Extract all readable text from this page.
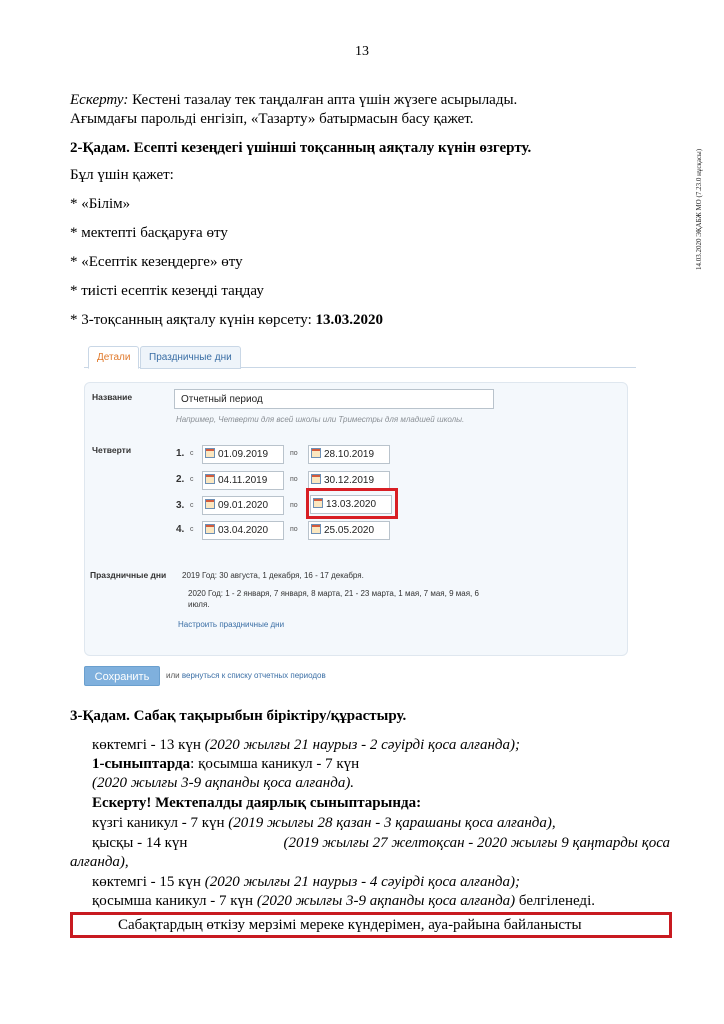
13
14.03.2020 ЭҚАБЖ МО (7.23.0 нұсқасы)
Ескерту: Кестені тазалау тек таңдалған апта үшін жүзеге асырылады.
Ағымдағы парольді енгізіп, «Тазарту» батырмасын басу қажет.
2-Қадам. Есепті кезеңдегі үшінші тоқсанның аяқталу күнін өзгерту.
Бұл үшін қажет:
* «Білім»
* мектепті басқаруға өту
* «Есептік кезеңдерге» өту
* тиісті есептік кезеңді таңдау
* 3-тоқсанның аяқталу күнін көрсету: 13.03.2020
Детали	Праздничные дни
Название	Отчетный период
Например, Четверти для всей школы или Триместры для младшей школы.
Четверти	1. с	01.09.2019	по	28.10.2019
2. с	04.11.2019	по	30.12.2019
3. с	09.01.2020	по	13.03.2020
4. с	03.04.2020	по	25.05.2020
Праздничные дни 2019 Год: 30 августа, 1 декабря, 16 - 17 декабря.
2020 Год: 1 - 2 января, 7 января, 8 марта, 21 - 23 марта, 1 мая, 7 мая, 9 мая, 6
июля.
Настроить праздничные дни
Сохранить	или вернуться к списку отчетных периодов
3-Қадам. Сабақ тақырыбын біріктіру/құрастыру.
көктемгі - 13 күн (2020 жылғы 21 наурыз - 2 сәуірді қоса алғанда);
1-сыныптарда: қосымша каникул - 7 күн
(2020 жылғы 3-9 ақпанды қоса алғанда).
Ескерту! Мектепалды даярлық сыныптарында:
күзгі каникул - 7 күн (2019 жылғы 28 қазан - 3 қарашаны қоса алғанда),
қысқы - 14 күн	(2019 жылғы 27 желтоқсан - 2020 жылғы 9 қаңтарды қоса
алғанда),
көктемгі - 15 күн (2020 жылғы 21 наурыз - 4 сәуірді қоса алғанда);
қосымша каникул - 7 күн (2020 жылғы 3-9 ақпанды қоса алғанда) белгіленеді.
Сабақтардың өткізу мерзімі мереке күндерімен, ауа-райына байланысты
